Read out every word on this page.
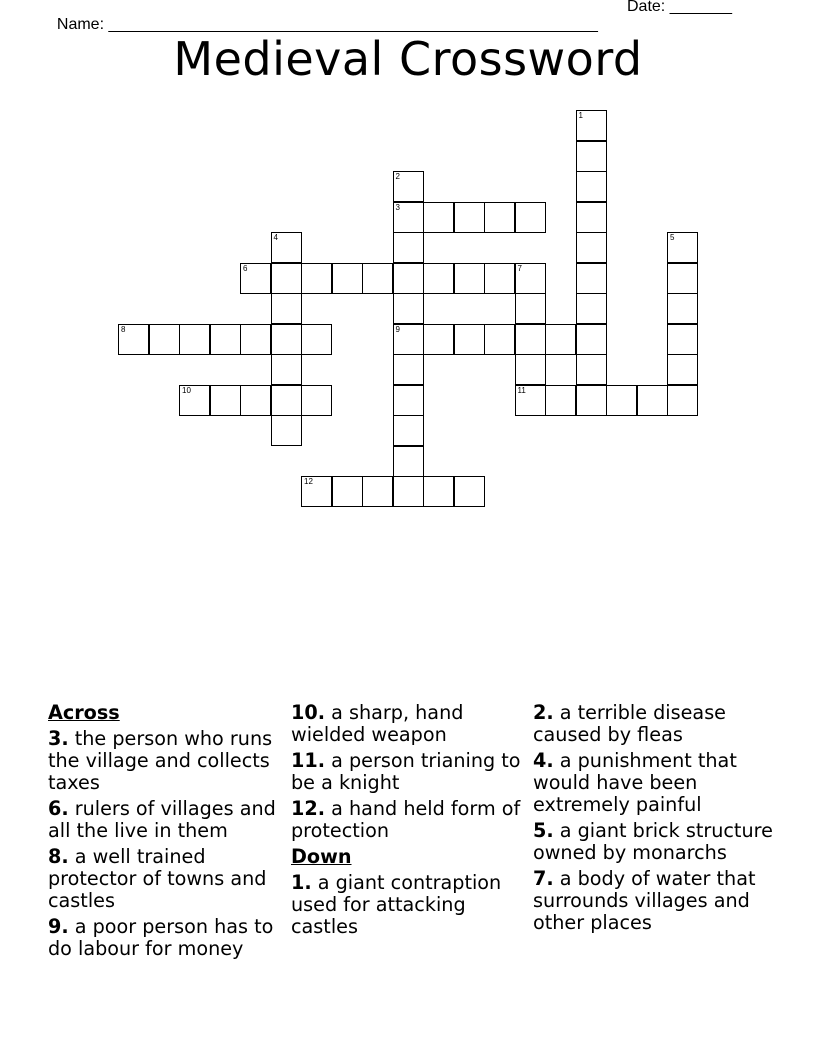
Name: _______________________________________________________

Date: _______

Medieval Crossword
1
2
3
9
4	5
6	7
11
8
10
12
Across
3. the person who runs the village and collects taxes
6. rulers of villages and all the live in them
8. a well trained protector of towns and castles
9. a poor person has to do labour for money
10. a sharp, hand wielded weapon
11. a person trianing to be a knight
12. a hand held form of protection
Down
1. a giant contraption used for attacking castles
2. a terrible disease caused by fleas
4. a punishment that would have been extremely painful
5. a giant brick structure owned by monarchs
7. a body of water that surrounds villages and other places
